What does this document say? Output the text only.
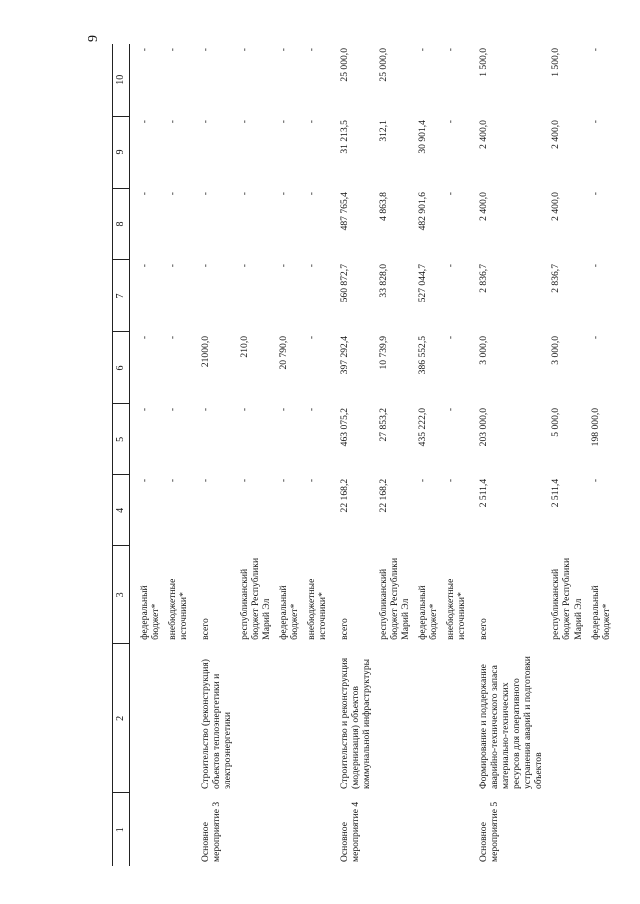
9
1	2	3	4	5	6	7	8	9	10
		федеральный бюджет*	-	-	-	-	-	-	-
		внебюджетные источники*	-	-	-	-	-	-	-
Основное мероприятие 3	Строительство (реконструкция) объектов теплоэнергетики и электроэнергетики	всего	-	-	21000,0	-	-	-	-
		республиканский бюджет Республики Марий Эл	-	-	210,0	-	-	-	-
		федеральный бюджет*	-	-	20 790,0	-	-	-	-
		внебюджетные источники*	-	-	-	-	-	-	-
Основное мероприятие 4	Строительство и реконструкция (модернизация) объектов коммунальной инфраструктуры	всего	22 168,2	463 075,2	397 292,4	560 872,7	487 765,4	31 213,5	25 000,0
		республиканский бюджет Республики Марий Эл	22 168,2	27 853,2	10 739,9	33 828,0	4 863,8	312,1	25 000,0
		федеральный бюджет*	-	435 222,0	386 552,5	527 044,7	482 901,6	30 901,4	-
		внебюджетные источники*	-	-	-	-	-	-	-
Основное мероприятие 5	Формирование и поддержание аварийно-технического запаса материально-технических ресурсов для оперативного устранения аварий и подготовки объектов	всего	2 511,4	203 000,0	3 000,0	2 836,7	2 400,0	2 400,0	1 500,0
		республиканский бюджет Республики Марий Эл	2 511,4	5 000,0	3 000,0	2 836,7	2 400,0	2 400,0	1 500,0
		федеральный бюджет*	-	198 000,0	-	-	-	-	-
